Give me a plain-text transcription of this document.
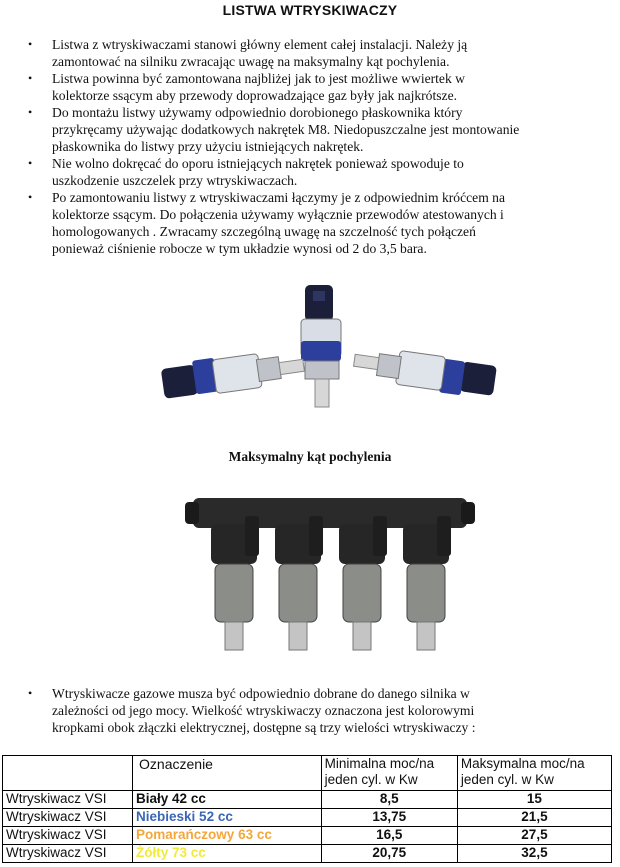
LISTWA WTRYSKIWACZY
•	Listwa z wtryskiwaczami stanowi główny element całej instalacji. Należy ją
zamontować na silniku zwracając uwagę na maksymalny kąt pochylenia.
•	Listwa powinna być zamontowana najbliżej jak to jest możliwe wwiertek w
kolektorze ssącym aby przewody doprowadzające gaz były jak najkrótsze.
•	Do montażu listwy używamy odpowiednio dorobionego płaskownika który
przykręcamy używając dodatkowych nakrętek M8. Niedopuszczalne jest montowanie
płaskownika do listwy przy użyciu istniejących nakrętek.
•	Nie wolno dokręcać do oporu istniejących nakrętek ponieważ spowoduje to
uszkodzenie uszczelek przy wtryskiwaczach.
•	Po zamontowaniu listwy z wtryskiwaczami łączymy je z odpowiednim króćcem na
kolektorze ssącym. Do połączenia używamy wyłącznie przewodów atestowanych i
homologowanych . Zwracamy szczególną uwagę na szczelność tych połączeń
ponieważ ciśnienie robocze w tym układzie wynosi od 2 do 3,5 bara.
Maksymalny kąt pochylenia
•	Wtryskiwacze gazowe musza być odpowiednio dobrane do danego silnika w
zależności od jego mocy. Wielkość wtryskiwaczy oznaczona jest kolorowymi
kropkami obok złączki elektrycznej, dostępne są trzy wielości wtryskiwaczy :
	Oznaczenie	Minimalna moc/na jeden cyl. w Kw	Maksymalna moc/na jeden cyl. w Kw
Wtryskiwacz VSI	Biały 42 cc	8,5	15
Wtryskiwacz VSI	Niebieski 52 cc	13,75	21,5
Wtryskiwacz VSI	Pomarańczowy 63 cc	16,5	27,5
Wtryskiwacz VSI	Żółty 73 cc	20,75	32,5
